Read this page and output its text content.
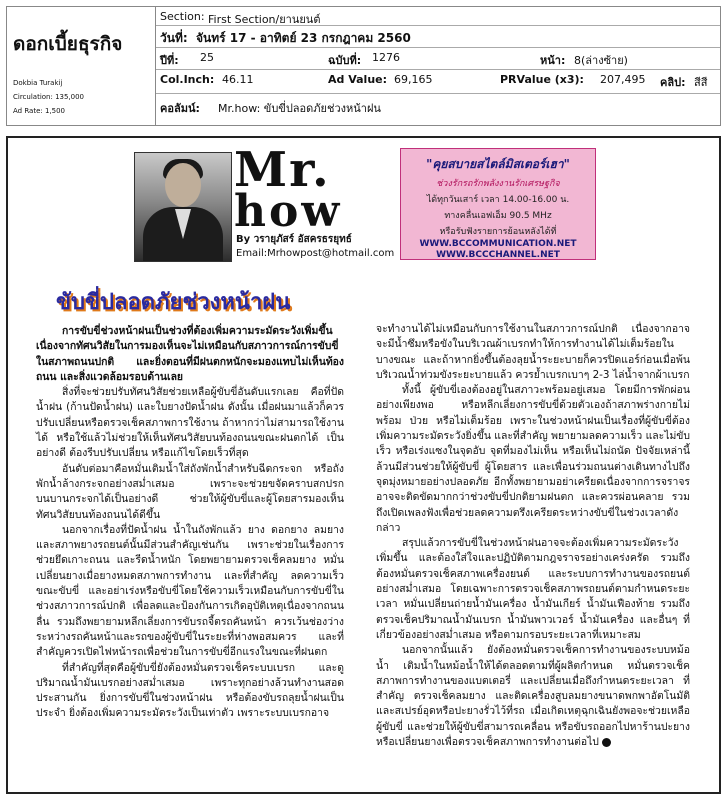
ดอกเบี้ยธุรกิจ
Dokbia Turakij
Circulation: 135,000
Ad Rate: 1,500
Section: First Section/ยานยนต์
วันที่: จันทร์ 17 - อาทิตย์ 23 กรกฎาคม 2560
ปีที่: 25	ฉบับที่: 1276	หน้า: 8(ล่างซ้าย)
Col.Inch: 46.11	Ad Value: 69,165	PRValue (x3): 207,495 คลิป: สีสี
คอลัมน์: Mr.how: ขับขี่ปลอดภัยช่วงหน้าฝน
Mr.
how
By วรายุภัสร์ อัสครธรยุทธ์
Email:Mrhowpost@hotmail.com
"คุยสบายสไตล์มิสเตอร์เฮา"
ช่วงรักรถรักพลังงานรักเศรษฐกิจ
ได้ทุกวันเสาร์ เวลา 14.00-16.00 น.
ทางคลื่นเอฟเอ็ม 90.5 MHz
หรือรับฟังรายการย้อนหลังได้ที่
WWW.BCCOMMUNICATION.NET
WWW.BCCCHANNEL.NET
ขับขี่ปลอดภัยช่วงหน้าฝน

การขับขี่ช่วงหน้าฝนเป็นช่วงที่ต้องเพิ่มความระมัดระวังเพิ่มขึ้น เนื่องจากทัศนวิสัยในการมองเห็นจะไม่เหมือนกับสภาวการณ์การขับขี่ในสภาพถนนปกติ และยิ่งตอนที่มีฝนตกหนักจะมองแทบไม่เห็นท้องถนน และสิ่งแวดล้อมรอบด้านเลย

สิ่งที่จะช่วยปรับทัศนวิสัยช่วยเหลือผู้ขับขี่อันดับแรกเลย คือที่ปัดน้ำฝน (ก้านปัดน้ำฝน) และใบยางปัดน้ำฝน ดังนั้น เมื่อฝนมาแล้วก็ควรปรับเปลี่ยนหรือตรวจเช็คสภาพการใช้งาน ถ้าหากว่าไม่สามารถใช้งานได้ หรือใช้แล้วไม่ช่วยให้เห็นทัศนวิสัยบนท้องถนนขณะฝนตกได้ เป็นอย่างดี ต้องรีบปรับเปลี่ยน หรือแก้ไขโดยเร็วที่สุด

อันดับต่อมาคือหมั่นเติมน้ำใส่ถังพักน้ำสำหรับฉีดกระจก หรือถังพักน้ำล้างกระจกอย่างสม่ำเสมอ เพราะจะช่วยขจัดคราบสกปรกบนบานกระจกได้เป็นอย่างดี ช่วยให้ผู้ขับขี่และผู้โดยสารมองเห็นทัศนวิสัยบนท้องถนนได้ดีขึ้น

นอกจากเรื่องที่ปัดน้ำฝน น้ำในถังพักแล้ว ยาง ดอกยาง ลมยาง และสภาพยางรถยนต์นั้นมีส่วนสำคัญเช่นกัน เพราะช่วยในเรื่องการช่วยยึดเกาะถนน และรีดน้ำหนัก โดยพยายามตรวจเช็คลมยาง หมั่นเปลี่ยนยางเมื่อยางหมดสภาพการทำงาน และที่สำคัญ ลดความเร็วขณะขับขี่ และอย่าเร่งหรือขับขี่โดยใช้ความเร็วเหมือนกับการขับขี่ในช่วงสภาวการณ์ปกติ เพื่อลดและป้องกันการเกิดอุบัติเหตุเนื่องจากถนนลื่น รวมถึงพยายามหลีกเลี่ยงการขับรถจี้ตรถคันหน้า ควรเว้นช่องว่างระหว่างรถคันหน้าและรถของผู้ขับขี่ในระยะที่ห่างพอสมควร และที่สำคัญควรเปิดไฟหน้ารถเพื่อช่วยในการขับขี่อีกแรงในขณะที่ฝนตก

ที่สำคัญที่สุดคือผู้ขับขี่ยังต้องหมั่นตรวจเช็คระบบเบรก และดูปริมาณน้ำมันเบรกอย่างสม่ำเสมอ เพราะทุกอย่างล้วนทำงานสอดประสานกัน ยิ่งการขับขี่ในช่วงหน้าฝน หรือต้องขับรถลุยน้ำฝนเป็นประจำ ยิ่งต้องเพิ่มความระมัดระวังเป็นเท่าตัว เพราะระบบเบรกอาจ

จะทำงานได้ไม่เหมือนกับการใช้งานในสภาวการณ์ปกติ เนื่องจากอาจจะมีน้ำซึมหรือขังในบริเวณผ้าเบรกทำให้การทำงานได้ไม่เต็มร้อยในบางขณะ และถ้าหากยิ่งขึ้นต้องลุยน้ำระยะบายก็ควรปิดแอร์ก่อนเมื่อพ้นบริเวณน้ำท่วมขังระยะบายแล้ว ควรย้ำเบรกเบาๆ 2-3 ไล่น้ำจากผ้าเบรก

ทั้งนี้ ผู้ขับขี่เองต้องอยู่ในสภาวะพร้อมอยู่เสมอ โดยมีการพักผ่อนอย่างเพียงพอ หรือหลีกเลี่ยงการขับขี่ด้วยตัวเองถ้าสภาพร่างกายไม่พร้อม ป่วย หรือไม่เต็มร้อย เพราะในช่วงหน้าฝนเป็นเรื่องที่ผู้ขับขี่ต้องเพิ่มความระมัดระวังยิ่งขึ้น และที่สำคัญ พยายามลดความเร็ว และไม่ขับเร็ว หรือเร่งแซงในจุดอับ จุดที่มองไม่เห็น หรือเห็นไม่ถนัด ปัจจัยเหล่านี้ล้วนมีส่วนช่วยให้ผู้ขับขี่ ผู้โดยสาร และเพื่อนร่วมถนนต่างเดินทางไปถึงจุดมุ่งหมายอย่างปลอดภัย อีกทั้งพยายามอย่าเครียดเนื่องจากการจราจรอาจจะติดขัดมากกว่าช่วงขับขี่ปกติยามฝนตก และควรผ่อนคลาย รวมถึงเปิดเพลงฟังเพื่อช่วยลดความตรึงเครียดระหว่างขับขี่ในช่วงเวลาดังกล่าว

สรุปแล้วการขับขี่ในช่วงหน้าฝนอาจจะต้องเพิ่มความระมัดระวังเพิ่มขึ้น และต้องใส่ใจและปฏิบัติตามกฎจราจรอย่างเคร่งครัด รวมถึงต้องหมั่นตรวจเช็คสภาพเครื่องยนต์ และระบบการทำงานของรถยนต์อย่างสม่ำเสมอ โดยเฉพาะการตรวจเช็คสภาพรถยนต์ตามกำหนดระยะเวลา หมั่นเปลี่ยนถ่ายน้ำมันเครื่อง น้ำมันเกียร์ น้ำมันเฟืองท้าย รวมถึงตรวจเช็คปริมาณน้ำมันเบรก น้ำมันพาวเวอร์ น้ำมันเครื่อง และอื่นๆ ที่เกี่ยวข้องอย่างสม่ำเสมอ หรือตามกรอบระยะเวลาที่เหมาะสม

นอกจากนั้นแล้ว ยังต้องหมั่นตรวจเช็คการทำงานของระบบหม้อน้ำ เติมน้ำในหม้อน้ำให้ได้ตลอดตามที่ผู้ผลิตกำหนด หมั่นตรวจเช็คสภาพการทำงานของแบตเตอรี่ และเปลี่ยนเมื่อถึงกำหนดระยะเวลา ที่สำคัญ ตรวจเช็คลมยาง และติดเครื่องสูบลมยางขนาดพกพาอัตโนมัติ และสเปรย์อุดหรือปะยางรั่วไว้ที่รถ เมื่อเกิดเหตุฉุกเฉินยังพอจะช่วยเหลือผู้ขับขี่ และช่วยให้ผู้ขับขี่สามารถเคลื่อน หรือขับรถออกไปหาร้านปะยาง หรือเปลี่ยนยางเพื่อตรวจเช็คสภาพการทำงานต่อไป
